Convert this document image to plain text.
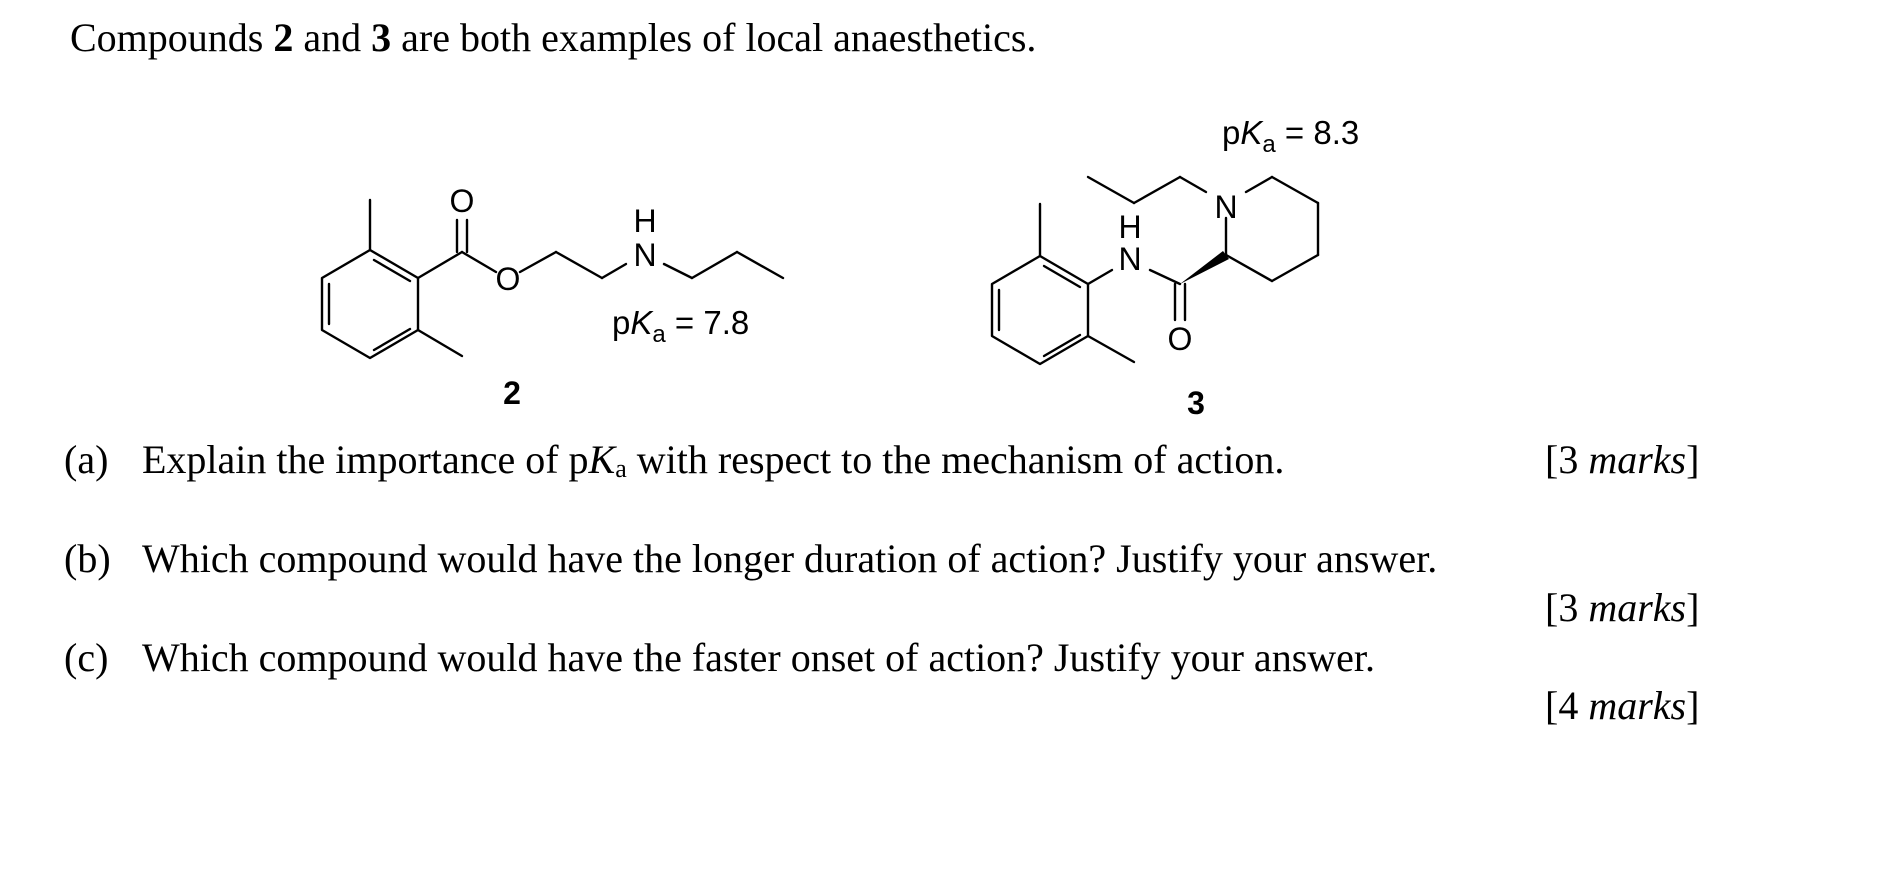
Compounds 2 and 3 are both examples of local anaesthetics.
O
O
H
N
$pK_a = 7.8$
2
H
N
O
N
$pK_a = 8.3$
3
(a) Explain the importance of $pK_a$ with respect to the mechanism of action.	[3 marks]
(b) Which compound would have the longer duration of action? Justify your answer.
[3 marks]
(c) Which compound would have the faster onset of action? Justify your answer.
[4 marks]
